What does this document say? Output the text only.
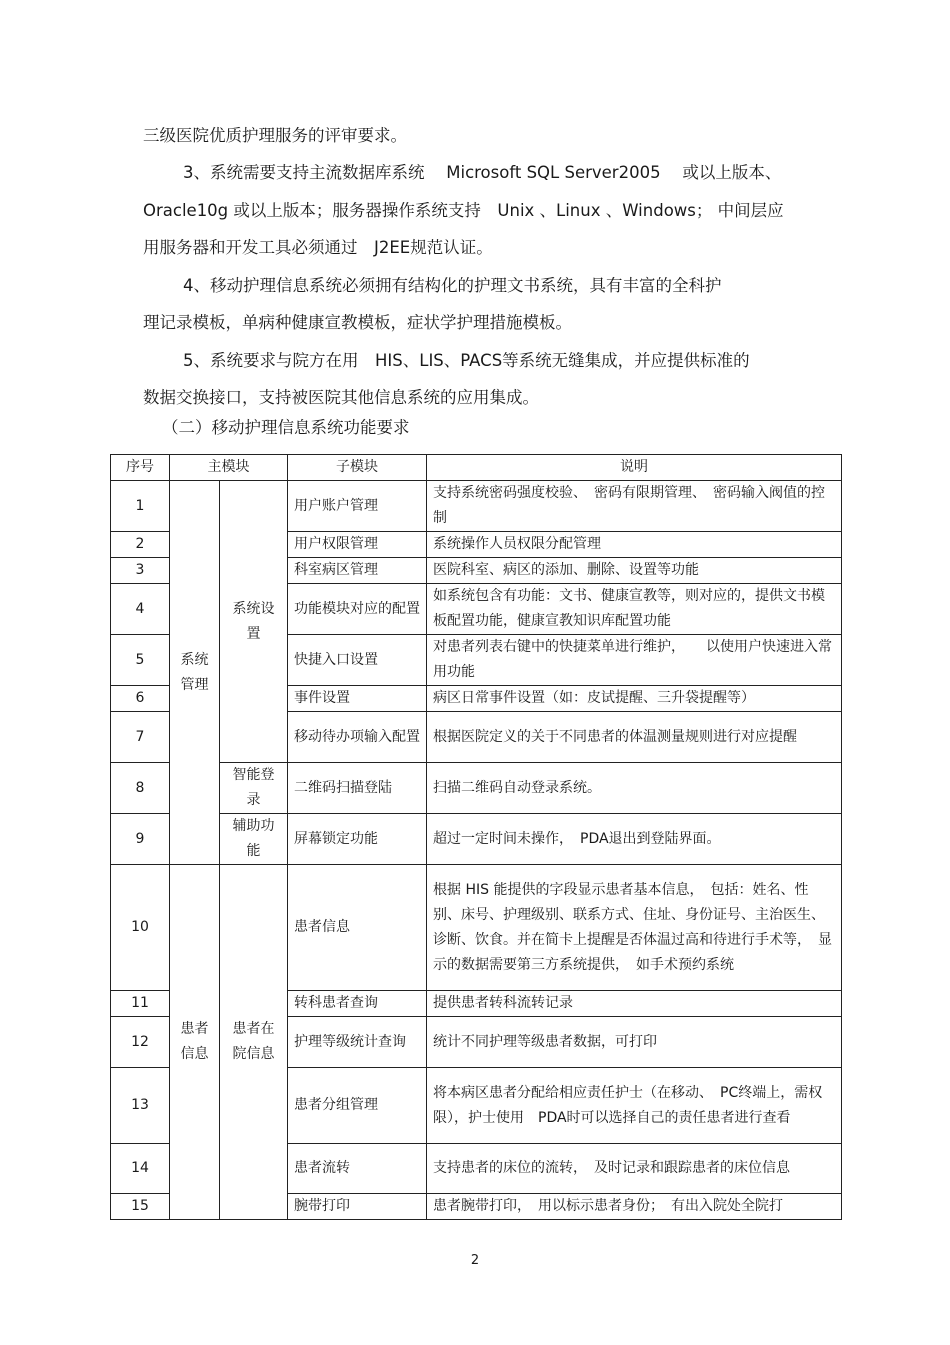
三级医院优质护理服务的评审要求。
3、系统需要支持主流数据库系统　 Microsoft SQL Server2005　 或以上版本、
Oracle10g 或以上版本；服务器操作系统支持　Unix 、Linux 、Windows； 中间层应
用服务器和开发工具必须通过　J2EE规范认证。
4、移动护理信息系统必须拥有结构化的护理文书系统，具有丰富的全科护
理记录模板，单病种健康宣教模板，症状学护理措施模板。
5、系统要求与院方在用　HIS、LIS、PACS等系统无缝集成，并应提供标准的
数据交换接口，支持被医院其他信息系统的应用集成。
（二）移动护理信息系统功能要求
序号	主模块		子模块	说明
1	系统管理	系统设置	用户账户管理	支持系统密码强度校验、　密码有限期管理、　密码输入阀值的控制
2			用户权限管理	系统操作人员权限分配管理
3			科室病区管理	医院科室、病区的添加、删除、设置等功能
4			功能模块对应的配置	如系统包含有功能：文书、健康宣教等，则对应的，提供文书模板配置功能，健康宣教知识库配置功能
5			快捷入口设置	对患者列表右键中的快捷菜单进行维护，　　以使用户快速进入常用功能
6			事件设置	病区日常事件设置（如：皮试提醒、三升袋提醒等）
7			移动待办项输入配置	根据医院定义的关于不同患者的体温测量规则进行对应提醒
8		智能登录	二维码扫描登陆	扫描二维码自动登录系统。
9		辅助功能	屏幕锁定功能	超过一定时间未操作，　PDA退出到登陆界面。
10	患者信息	患者在院信息	患者信息	根据 HIS 能提供的字段显示患者基本信息，　包括：姓名、性别、床号、护理级别、联系方式、住址、身份证号、主治医生、诊断、饮食。并在简卡上提醒是否体温过高和待进行手术等，　显示的数据需要第三方系统提供，　如手术预约系统
11			转科患者查询	提供患者转科流转记录
12			护理等级统计查询	统计不同护理等级患者数据，可打印
13			患者分组管理	将本病区患者分配给相应责任护士（在移动、　PC终端上，需权限），护士使用　PDA时可以选择自己的责任患者进行查看
14			患者流转	支持患者的床位的流转，　及时记录和跟踪患者的床位信息
15			腕带打印	患者腕带打印，　用以标示患者身份；　有出入院处全院打
2
